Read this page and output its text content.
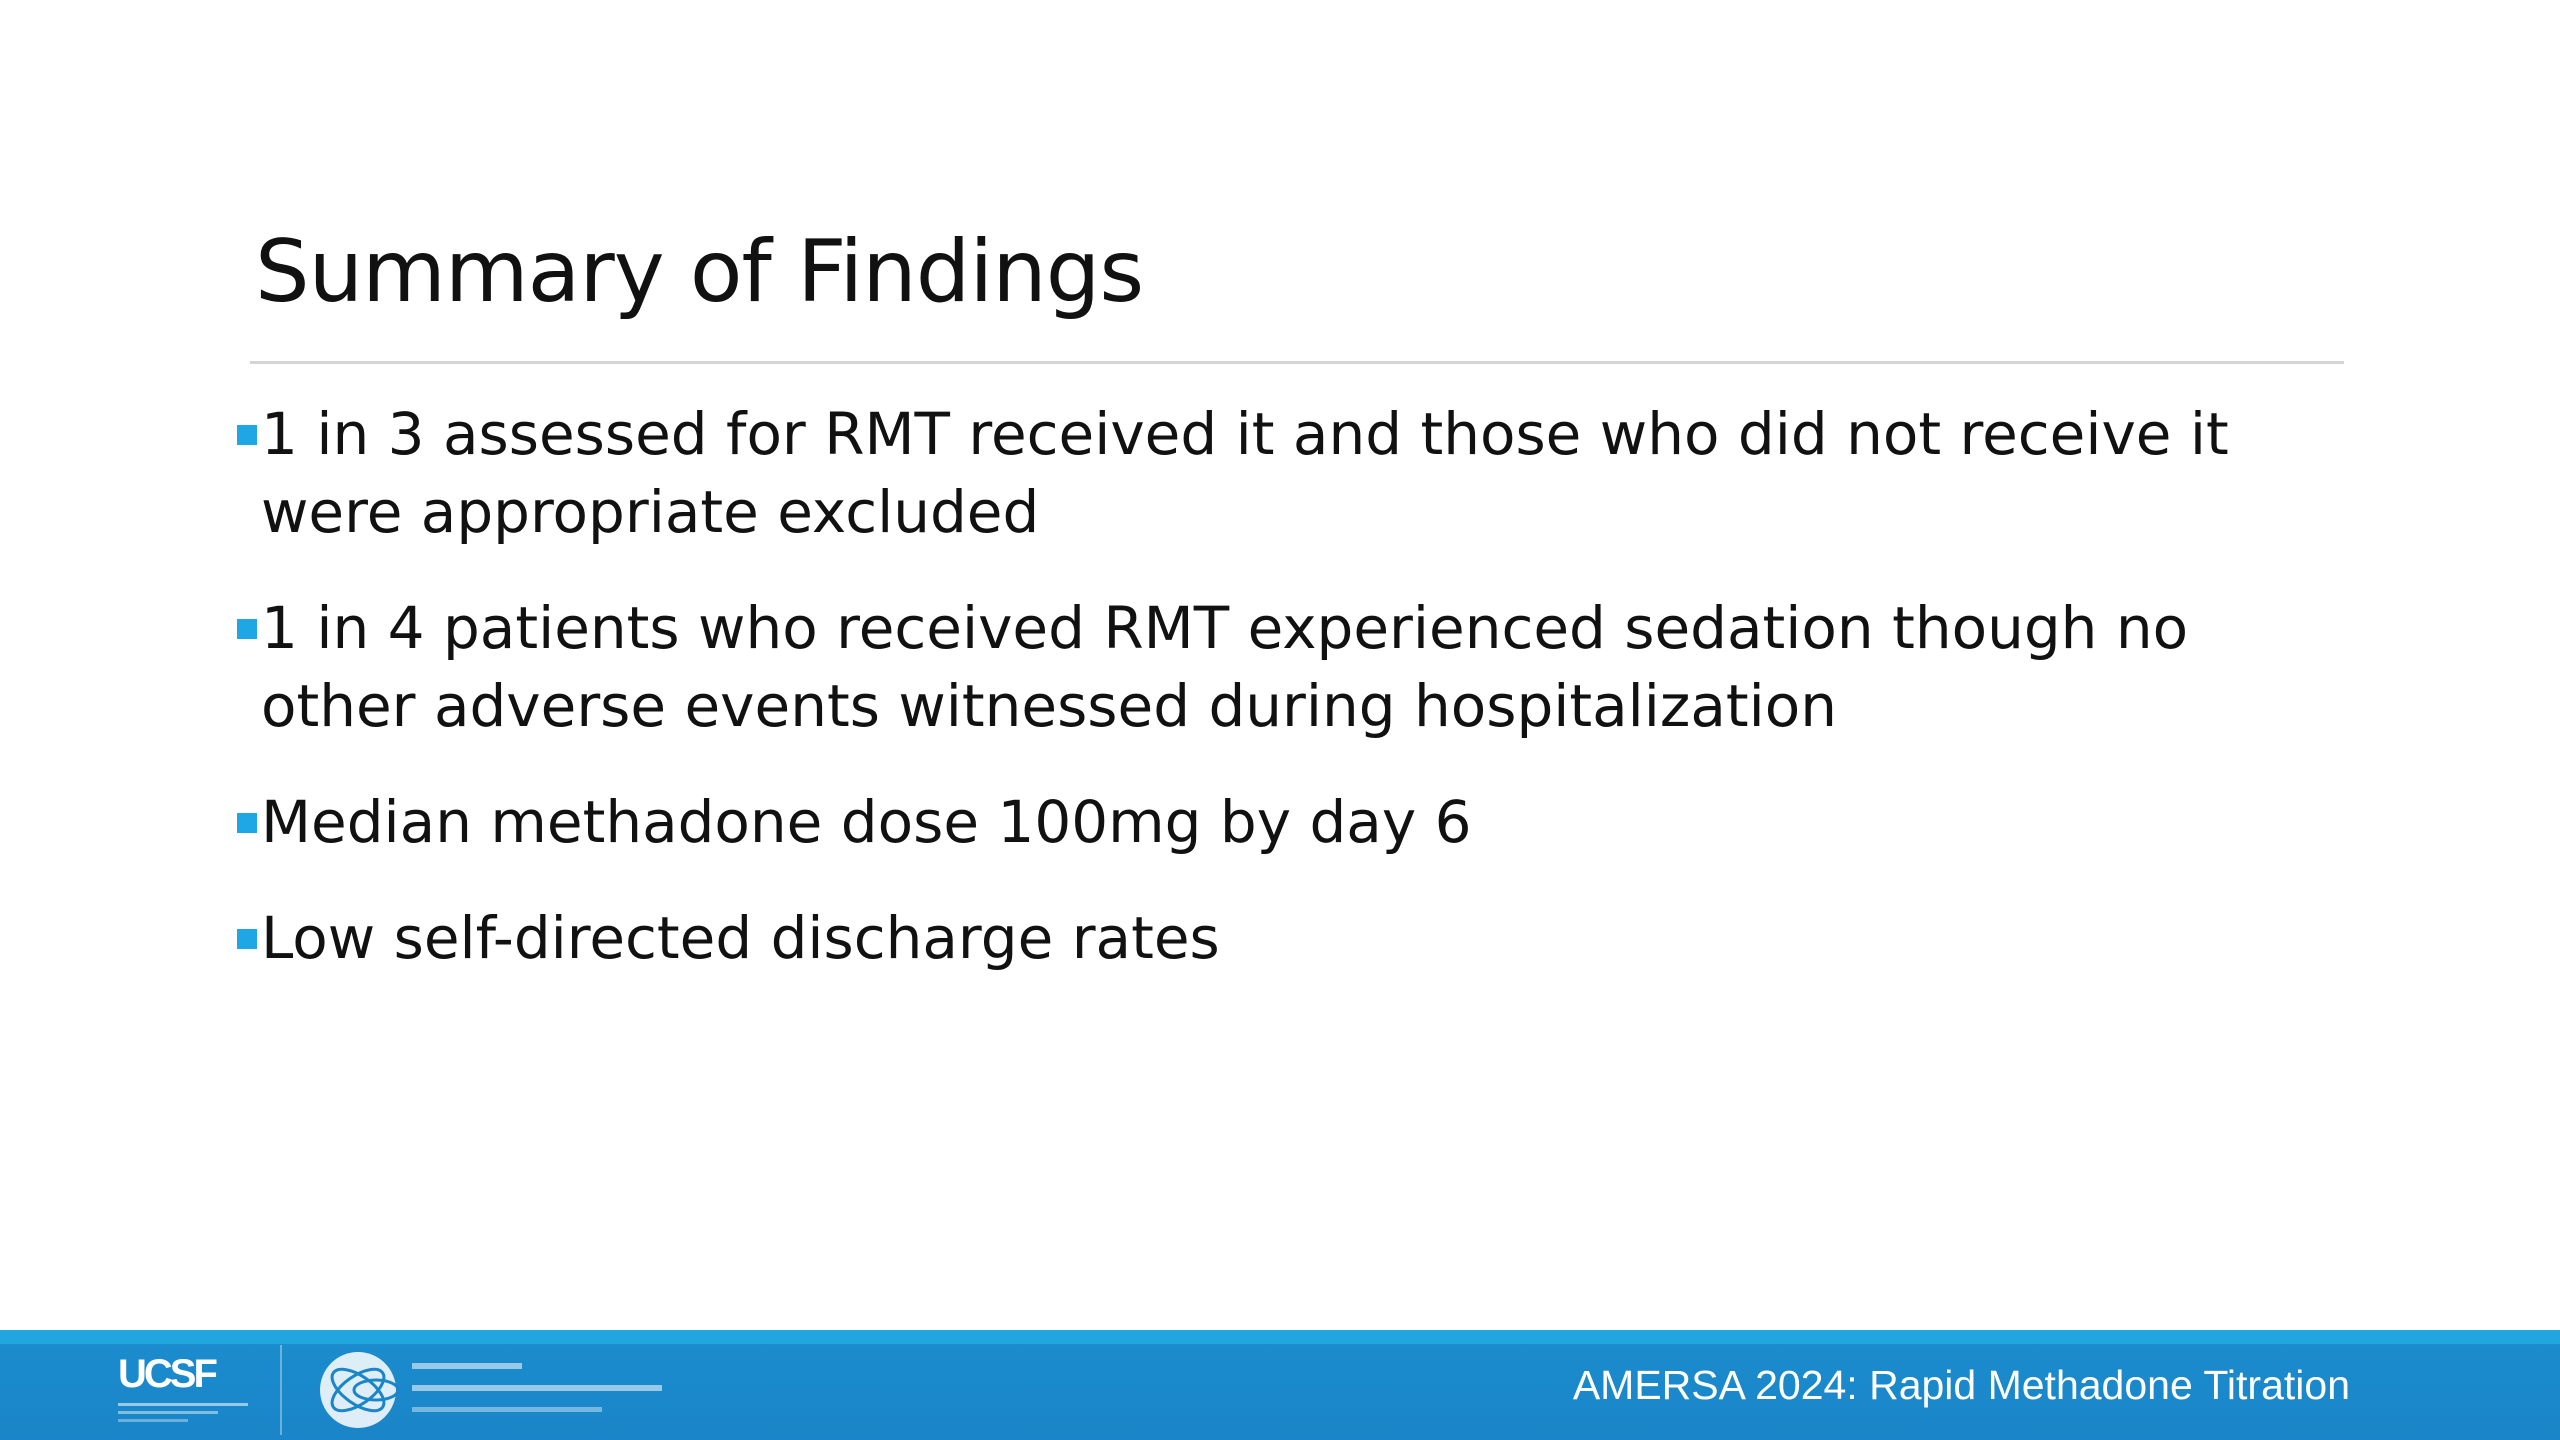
Summary of Findings
1 in 3 assessed for RMT received it and those who did not receive it were appropriate excluded
1 in 4 patients who received RMT experienced sedation though no other adverse events witnessed during hospitalization
Median methadone dose 100mg by day 6
Low self-directed discharge rates
UCSF	AMERSA 2024: Rapid Methadone Titration
